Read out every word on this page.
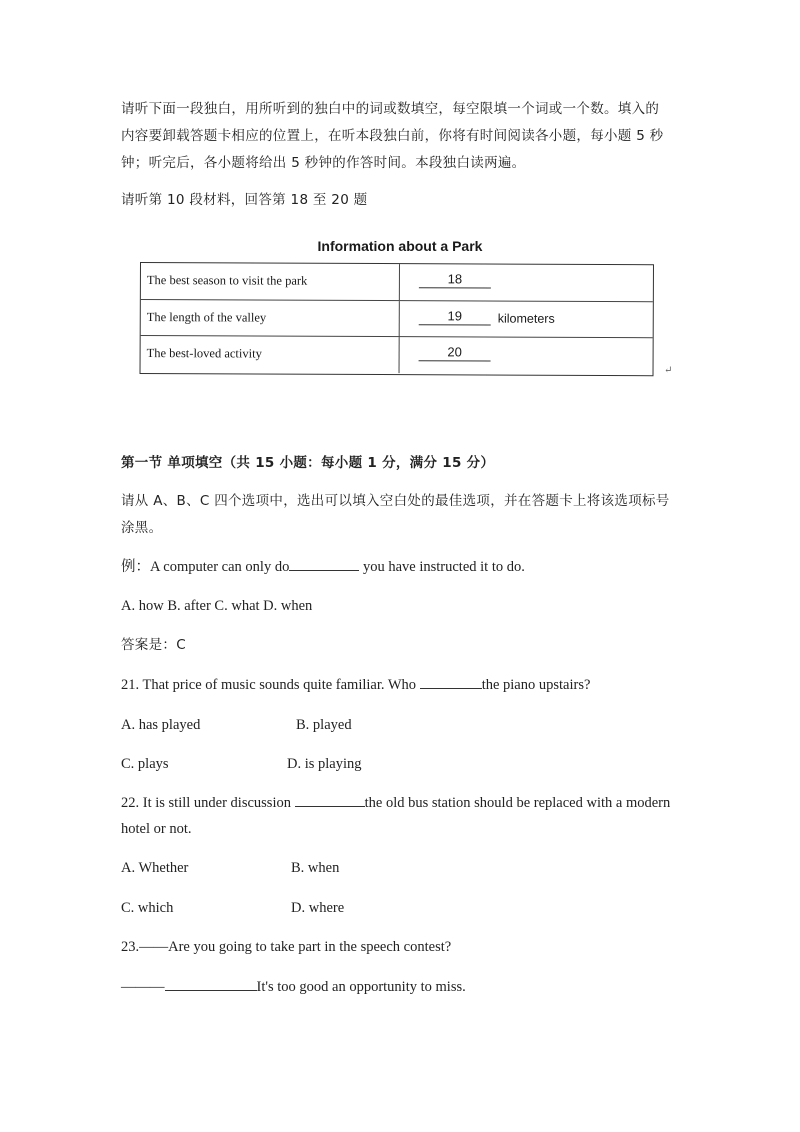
请听下面一段独白，用所听到的独白中的词或数填空，每空限填一个词或一个数。填入的
内容要卸载答题卡相应的位置上，在听本段独白前，你将有时间阅读各小题，每小题 5 秒
钟；听完后，各小题将给出 5 秒钟的作答时间。本段独白读两遍。
请听第 10 段材料，回答第 18 至 20 题
Information about a Park
The best season to visit the park	18
The length of the valley	19	kilometers
The best-loved activity	20
↵
第一节 单项填空（共 15 小题：每小题 1 分，满分 15 分）
请从 A、B、C 四个选项中，选出可以填入空白处的最佳选项，并在答题卡上将该选项标号
涂黑。
例：A computer can only do	you have instructed it to do.
A. how B. after C. what D. when
答案是：C
21. That price of music sounds quite familiar. Who	the piano upstairs?
A. has played	B. played
C. plays	D. is playing
22. It is still under discussion	the old bus station should be replaced with a modern
hotel or not.
A. Whether	B. when
C. which	D. where
23.——Are you going to take part in the speech contest?
———	It's too good an opportunity to miss.
